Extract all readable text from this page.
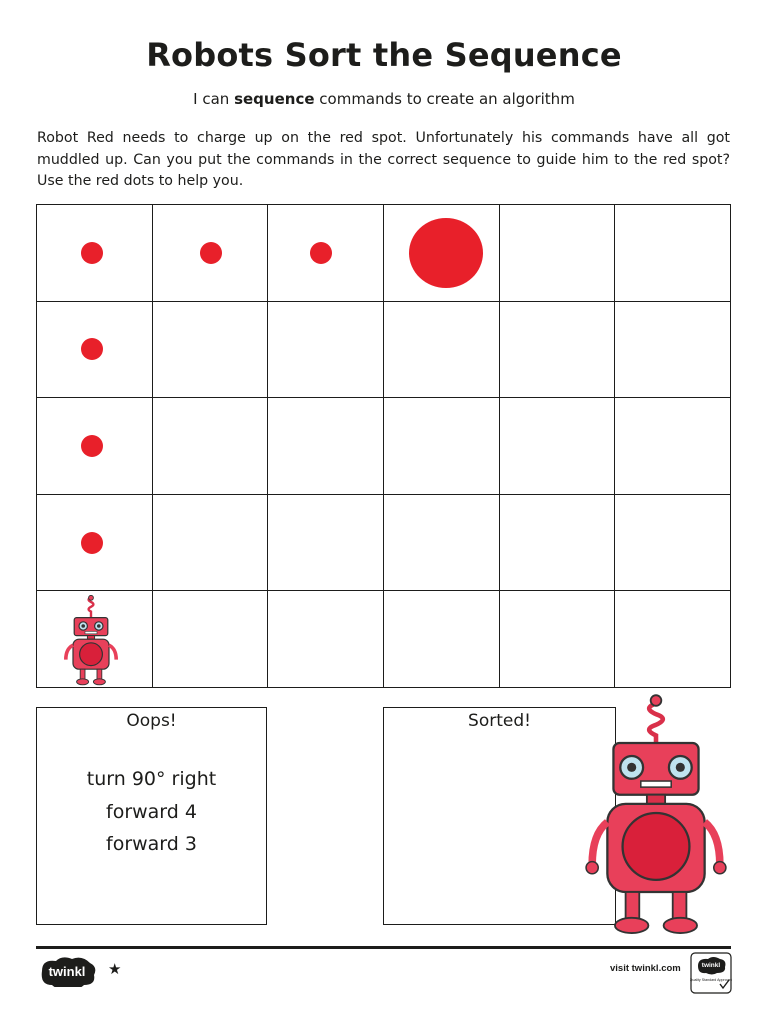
Robots Sort the Sequence
I can sequence commands to create an algorithm
Robot Red needs to charge up on the red spot. Unfortunately his commands have all got muddled up. Can you put the commands in the correct sequence to guide him to the red spot? Use the red dots to help you.
Oops!
turn 90° right
forward 4
forward 3
Sorted!
twinkl ★	visit twinkl.com	twinkl
Quality Standard Approved
